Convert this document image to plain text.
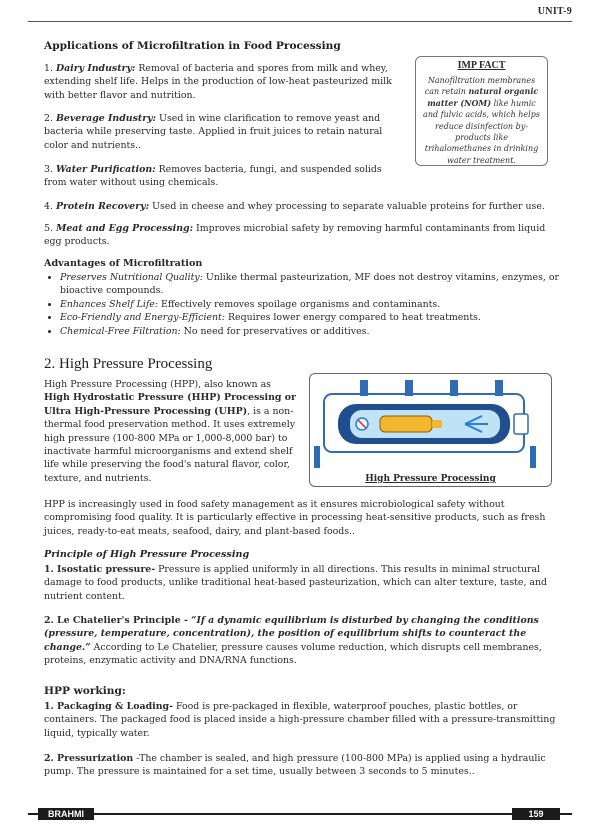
UNIT-9
Applications of Microfiltration in Food Processing
1. Dairy Industry: Removal of bacteria and spores from milk and whey, extending shelf life. Helps in the production of low-heat pasteurized milk with better flavor and nutrition.
2. Beverage Industry: Used in wine clarification to remove yeast and bacteria while preserving taste. Applied in fruit juices to retain natural color and nutrients..
3. Water Purification: Removes bacteria, fungi, and suspended solids from water without using chemicals.
4. Protein Recovery: Used in cheese and whey processing to separate valuable proteins for further use.
5. Meat and Egg Processing: Improves microbial safety by removing harmful contaminants from liquid egg products.
IMP FACT
Nanofiltration membranes can retain natural organic matter (NOM) like humic and fulvic acids, which helps reduce disinfection by-products like trihalomethanes in drinking water treatment.
Advantages of Microfiltration
• Preserves Nutritional Quality: Unlike thermal pasteurization, MF does not destroy vitamins, enzymes, or bioactive compounds.
• Enhances Shelf Life: Effectively removes spoilage organisms and contaminants.
• Eco-Friendly and Energy-Efficient: Requires lower energy compared to heat treatments.
• Chemical-Free Filtration: No need for preservatives or additives.
2. High Pressure Processing
High Pressure Processing (HPP), also known as High Hydrostatic Pressure (HHP) Processing or Ultra High-Pressure Processing (UHP), is a non-thermal food preservation method. It uses extremely high pressure (100-800 MPa or 1,000-8,000 bar) to inactivate harmful microorganisms and extend shelf life while preserving the food's natural flavor, color, texture, and nutrients.	High Pressure Processing
HPP is increasingly used in food safety management as it ensures microbiological safety without compromising food quality. It is particularly effective in processing heat-sensitive products, such as fresh juices, ready-to-eat meats, seafood, dairy, and plant-based foods..
Principle of High Pressure Processing
1. Isostatic pressure- Pressure is applied uniformly in all directions. This results in minimal structural damage to food products, unlike traditional heat-based pasteurization, which can alter texture, taste, and nutrient content.
2. Le Chatelier's Principle - “If a dynamic equilibrium is disturbed by changing the conditions (pressure, temperature, concentration), the position of equilibrium shifts to counteract the change.” According to Le Chatelier, pressure causes volume reduction, which disrupts cell membranes, proteins, enzymatic activity and DNA/RNA functions.
HPP working:
1. Packaging & Loading- Food is pre-packaged in flexible, waterproof pouches, plastic bottles, or containers. The packaged food is placed inside a high-pressure chamber filled with a pressure-transmitting liquid, typically water.
2. Pressurization -The chamber is sealed, and high pressure (100-800 MPa) is applied using a hydraulic pump. The pressure is maintained for a set time, usually between 3 seconds to 5 minutes..
BRAHMI	159
